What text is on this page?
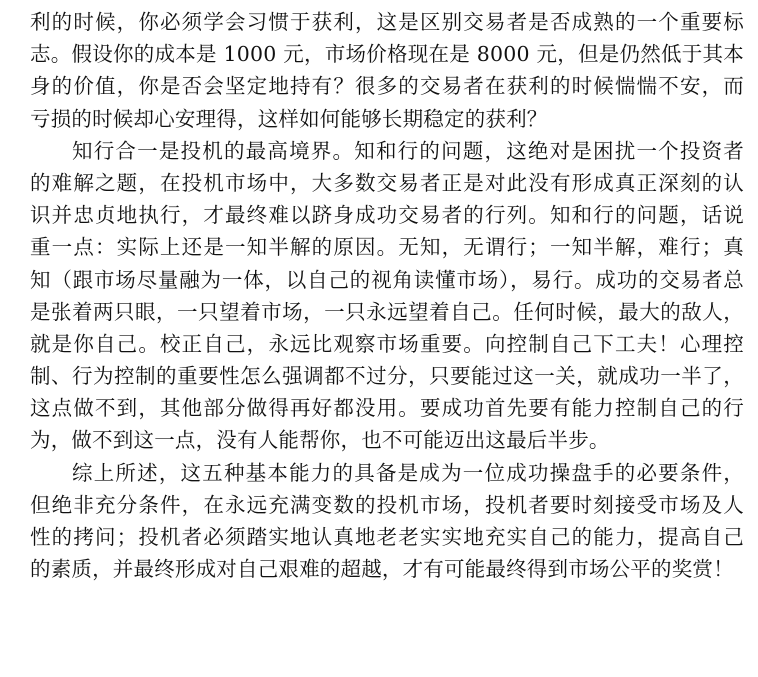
利的时候，你必须学会习惯于获利，这是区别交易者是否成熟的一个重要标
志。假设你的成本是 1000 元，市场价格现在是 8000 元，但是仍然低于其本
身的价值，你是否会坚定地持有？很多的交易者在获利的时候惴惴不安，而
亏损的时候却心安理得，这样如何能够长期稳定的获利？
知行合一是投机的最高境界。知和行的问题，这绝对是困扰一个投资者
的难解之题，在投机市场中，大多数交易者正是对此没有形成真正深刻的认
识并忠贞地执行，才最终难以跻身成功交易者的行列。知和行的问题，话说
重一点：实际上还是一知半解的原因。无知，无谓行；一知半解，难行；真
知（跟市场尽量融为一体，以自己的视角读懂市场），易行。成功的交易者总
是张着两只眼，一只望着市场，一只永远望着自己。任何时候，最大的敌人，
就是你自己。校正自己，永远比观察市场重要。向控制自己下工夫！心理控
制、行为控制的重要性怎么强调都不过分，只要能过这一关，就成功一半了，
这点做不到，其他部分做得再好都没用。要成功首先要有能力控制自己的行
为，做不到这一点，没有人能帮你，也不可能迈出这最后半步。
综上所述，这五种基本能力的具备是成为一位成功操盘手的必要条件，
但绝非充分条件，在永远充满变数的投机市场，投机者要时刻接受市场及人
性的拷问；投机者必须踏实地认真地老老实实地充实自己的能力，提高自己
的素质，并最终形成对自己艰难的超越，才有可能最终得到市场公平的奖赏！
